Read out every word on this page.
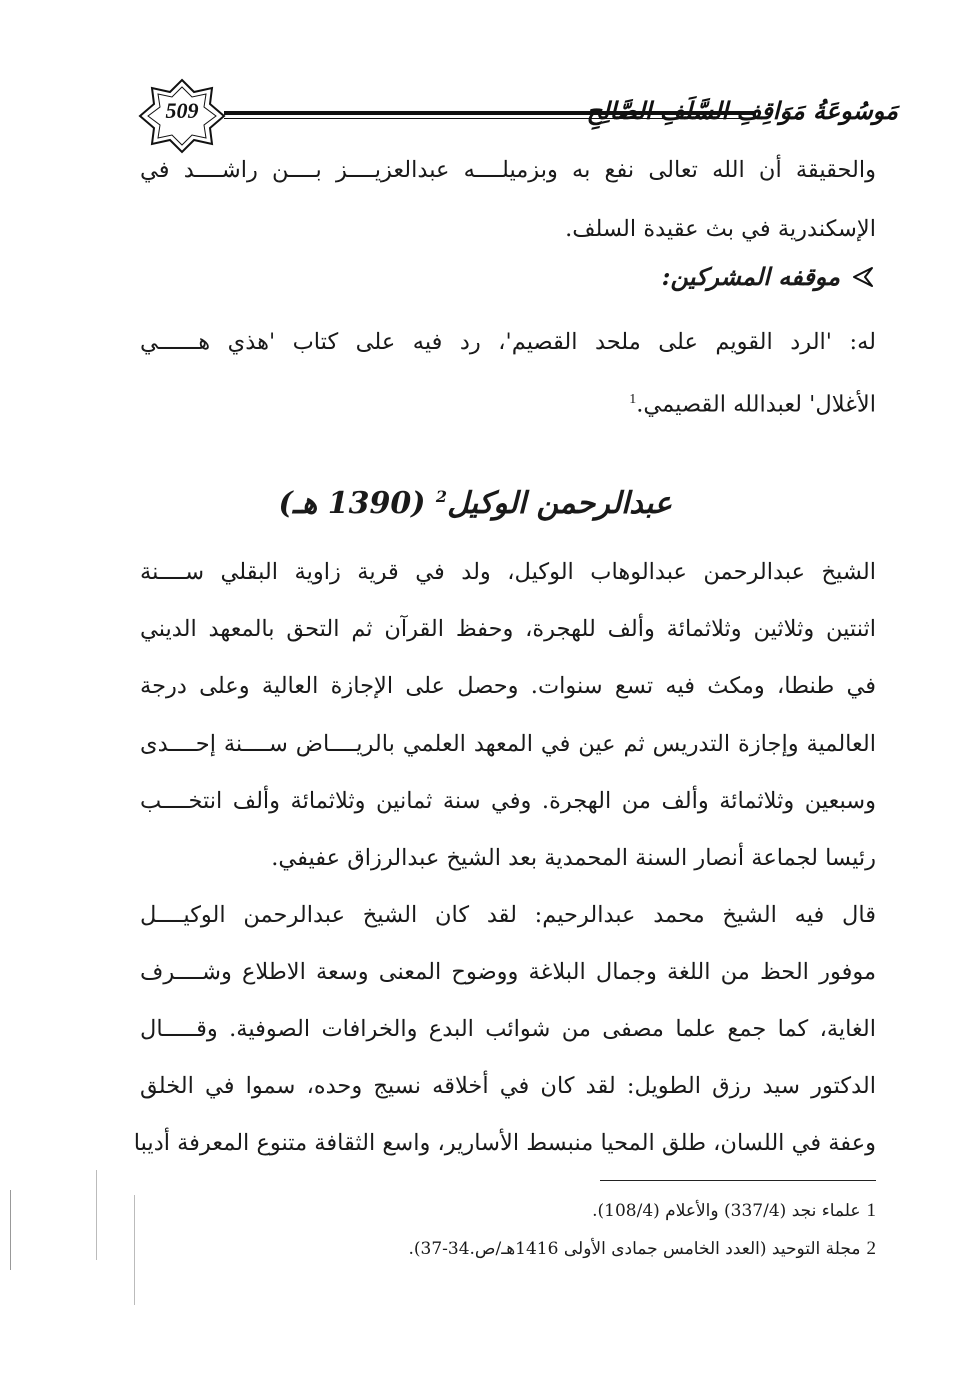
509	مَوسُوعَةُ مَوَاقِفِ السَّلَفِ الصَّالِحِ
والحقيقة أن الله تعالى نفع به وبزميلــــه عبدالعزيــــز بــــن راشــــد في
الإسكندرية في بث عقيدة السلف.
موقفه المشركين:
له: 'الرد القويم على ملحد القصيم'، رد فيه على كتاب 'هذي هــــــي
الأغلال' لعبدالله القصيمي.$^1$
عبدالرحمن الوكيل$^2$ (1390 هـ)
الشيخ عبدالرحمن عبدالوهاب الوكيل، ولد في قرية زاوية البقلي ســــنة
اثنتين وثلاثين وثلاثمائة وألف للهجرة، وحفظ القرآن ثم التحق بالمعهد الديني
في طنطا، ومكث فيه تسع سنوات. وحصل على الإجازة العالية وعلى درجة
العالمية وإجازة التدريس ثم عين في المعهد العلمي بالريــــاض ســــنة إحــــدى
وسبعين وثلاثمائة وألف من الهجرة. وفي سنة ثمانين وثلاثمائة وألف انتخــــب
رئيسا لجماعة أنصار السنة المحمدية بعد الشيخ عبدالرزاق عفيفي.
قال فيه الشيخ محمد عبدالرحيم: لقد كان الشيخ عبدالرحمن الوكيــــل
موفور الحظ من اللغة وجمال البلاغة ووضوح المعنى وسعة الاطلاع وشــــرف
الغاية، كما جمع علما مصفى من شوائب البدع والخرافات الصوفية. وقـــــال
الدكتور سيد رزق الطويل: لقد كان في أخلاقه نسيج وحده، سموا في الخلق
وعفة في اللسان، طلق المحيا منبسط الأسارير، واسع الثقافة متنوع المعرفة أديبا
1علماء نجد (337/4) والأعلام (108/4).
2مجلة التوحيد (العدد الخامس جمادى الأولى 1416هـ/ص.34-37).
